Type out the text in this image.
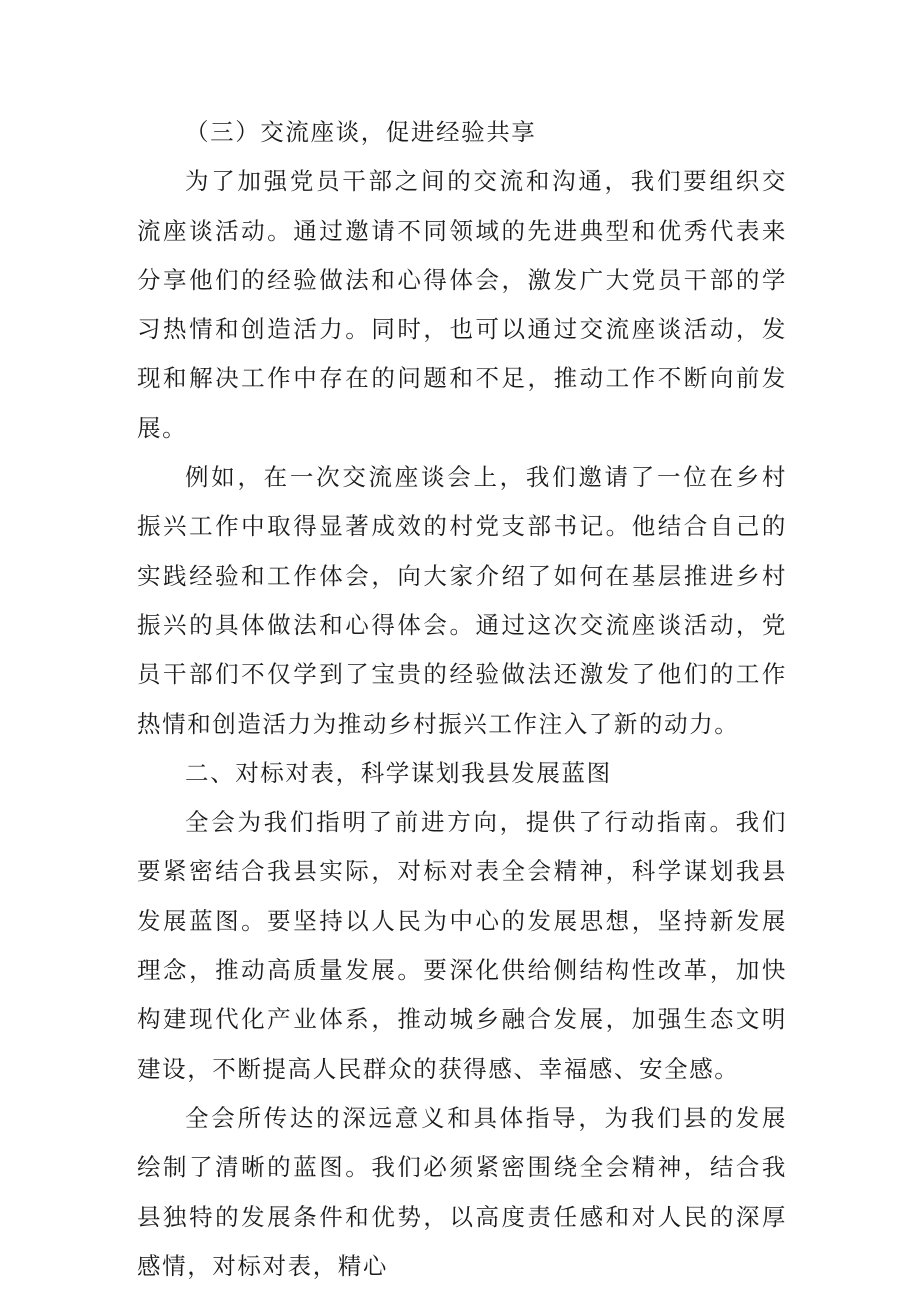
（三）交流座谈，促进经验共享

为了加强党员干部之间的交流和沟通，我们要组织交流座谈活动。通过邀请不同领域的先进典型和优秀代表来分享他们的经验做法和心得体会，激发广大党员干部的学习热情和创造活力。同时，也可以通过交流座谈活动，发现和解决工作中存在的问题和不足，推动工作不断向前发展。

例如，在一次交流座谈会上，我们邀请了一位在乡村振兴工作中取得显著成效的村党支部书记。他结合自己的实践经验和工作体会，向大家介绍了如何在基层推进乡村振兴的具体做法和心得体会。通过这次交流座谈活动，党员干部们不仅学到了宝贵的经验做法还激发了他们的工作热情和创造活力为推动乡村振兴工作注入了新的动力。

二、对标对表，科学谋划我县发展蓝图

全会为我们指明了前进方向，提供了行动指南。我们要紧密结合我县实际，对标对表全会精神，科学谋划我县发展蓝图。要坚持以人民为中心的发展思想，坚持新发展理念，推动高质量发展。要深化供给侧结构性改革，加快构建现代化产业体系，推动城乡融合发展，加强生态文明建设，不断提高人民群众的获得感、幸福感、安全感。

全会所传达的深远意义和具体指导，为我们县的发展绘制了清晰的蓝图。我们必须紧密围绕全会精神，结合我县独特的发展条件和优势，以高度责任感和对人民的深厚感情，对标对表，精心
